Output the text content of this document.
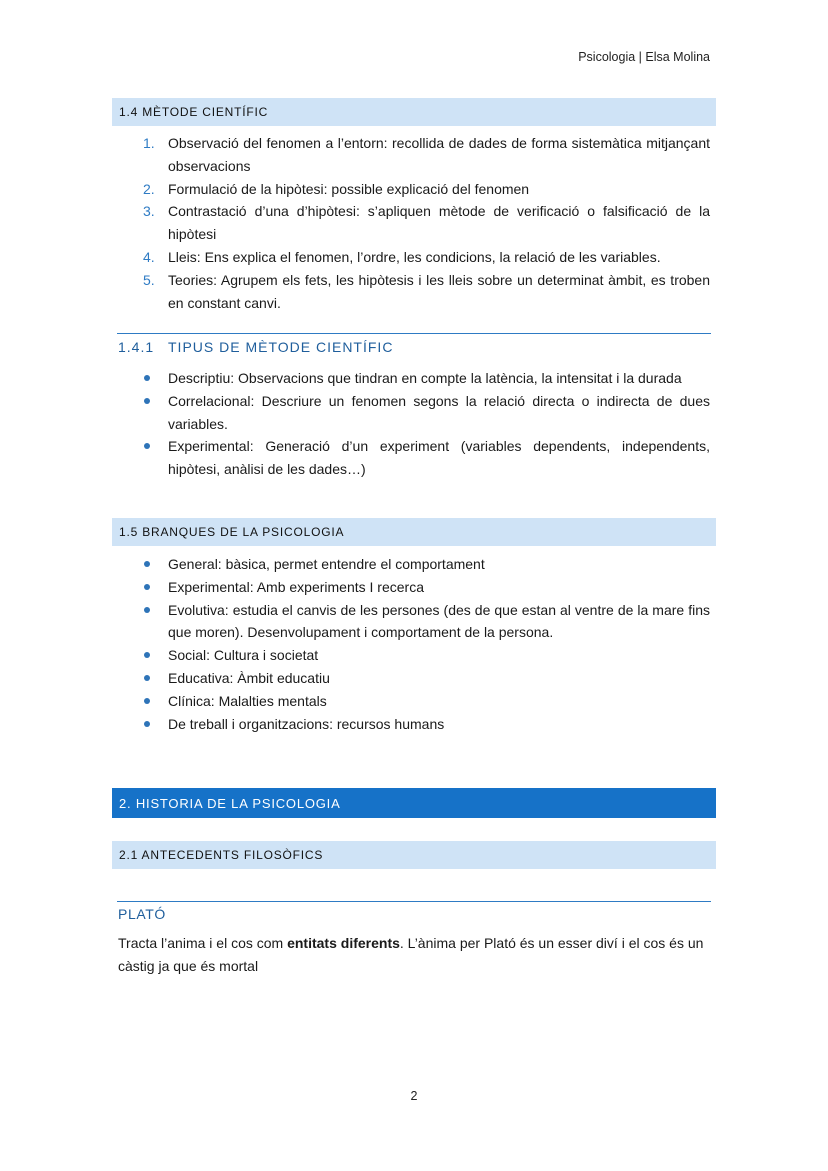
Psicologia | Elsa Molina
1.4 MÈTODE CIENTÍFIC
1. Observació del fenomen a l’entorn: recollida de dades de forma sistemàtica mitjançant observacions
2. Formulació de la hipòtesi: possible explicació del fenomen
3. Contrastació d’una d’hipòtesi: s’apliquen mètode de verificació o falsificació de la hipòtesi
4. Lleis: Ens explica el fenomen, l’ordre, les condicions, la relació de les variables.
5. Teories: Agrupem els fets, les hipòtesis i les lleis sobre un determinat àmbit, es troben en constant canvi.
1.4.1 TIPUS DE MÈTODE CIENTÍFIC
Descriptiu: Observacions que tindran en compte la latència, la intensitat i la durada
Correlacional: Descriure un fenomen segons la relació directa o indirecta de dues variables.
Experimental: Generació d’un experiment (variables dependents, independents, hipòtesi, anàlisi de les dades…)
1.5 BRANQUES DE LA PSICOLOGIA
General: bàsica, permet entendre el comportament
Experimental: Amb experiments I recerca
Evolutiva: estudia el canvis de les persones (des de que estan al ventre de la mare fins que moren). Desenvolupament i comportament de la persona.
Social: Cultura i societat
Educativa: Àmbit educatiu
Clínica: Malalties mentals
De treball i organitzacions: recursos humans
2. HISTORIA DE LA PSICOLOGIA
2.1 ANTECEDENTS FILOSÒFICS
PLATÓ

Tracta l’anima i el cos com entitats diferents. L’ànima per Plató és un esser diví i el cos és un càstig ja que és mortal

2
